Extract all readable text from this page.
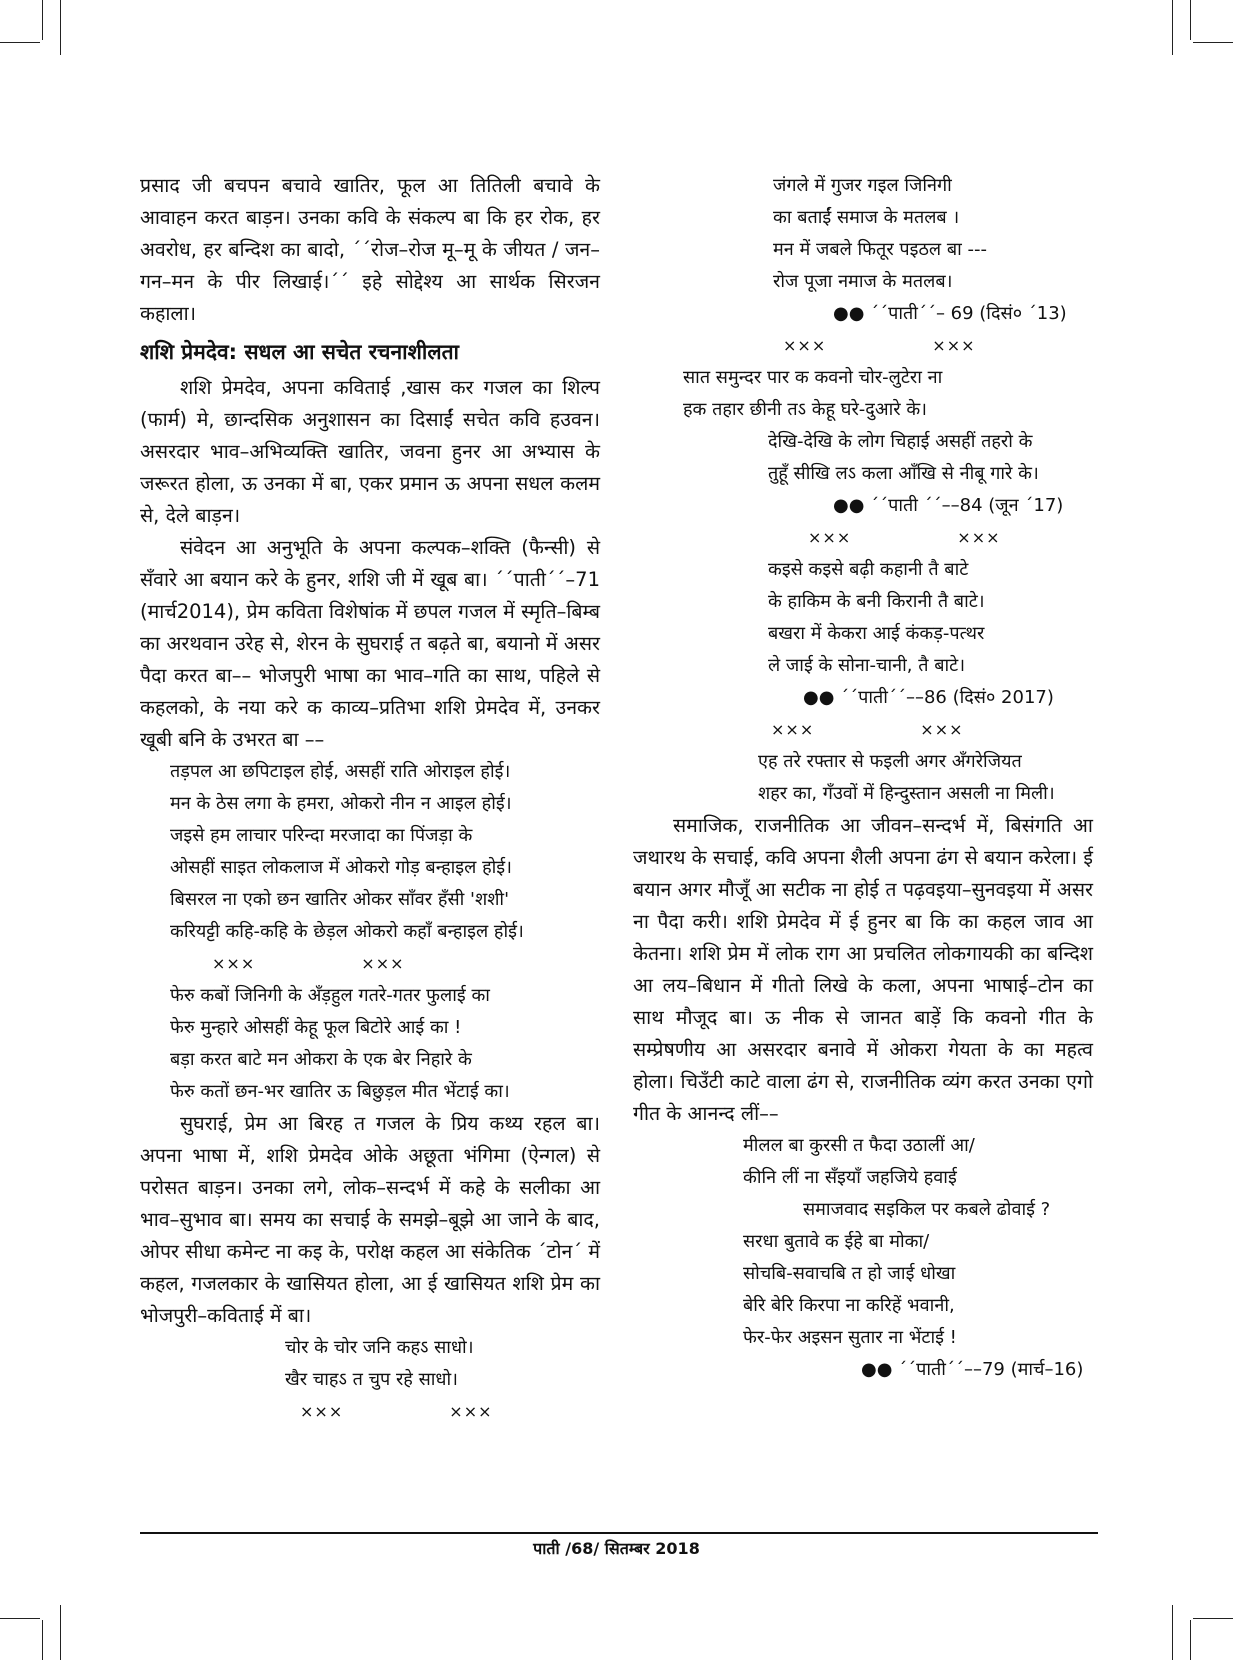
प्रसाद जी बचपन बचावे खातिर, फूल आ तितिली बचावे के आवाहन करत बाड़न। उनका कवि के संकल्प बा कि हर रोक, हर अवरोध, हर बन्दिश का बादो, ´´रोज–रोज मू–मू के जीयत / जन–गन–मन के पीर लिखाई।´´ इहे सोद्देश्य आ सार्थक सिरजन कहाला।

शशि प्रेमदेव: सधल आ सचेत रचनाशीलता

शशि प्रेमदेव, अपना कविताई ,खास कर गजल का शिल्प (फार्म) मे, छान्दसिक अनुशासन का दिसाईं सचेत कवि हउवन। असरदार भाव–अभिव्यक्ति खातिर, जवना हुनर आ अभ्यास के जरूरत होला, ऊ उनका में बा, एकर प्रमान ऊ अपना सधल कलम से, देले बाड़न।

संवेदन आ अनुभूति के अपना कल्पक–शक्ति (फैन्सी) से सँवारे आ बयान करे के हुनर, शशि जी में खूब बा। ´´पाती´´–71 (मार्च2014), प्रेम कविता विशेषांक में छपल गजल में स्मृति–बिम्ब का अरथवान उरेह से, शेरन के सुघराई त बढ़ते बा, बयानो में असर पैदा करत बा–– भोजपुरी भाषा का भाव–गति का साथ, पहिले से कहलको, के नया करे क काव्य–प्रतिभा शशि प्रेमदेव में, उनकर खूबी बनि के उभरत बा ––

तड़पल आ छपिटाइल होई, असहीं राति ओराइल होई।
मन के ठेस लगा के हमरा, ओकरो नीन न आइल होई।
जइसे हम लाचार परिन्दा मरजादा का पिंजड़ा के
ओसहीं साइत लोकलाज में ओकरो गोड़ बन्हाइल होई।
बिसरल ना एको छन खातिर ओकर साँवर हँसी 'शशी'
करियट्टी कहि-कहि के छेड़ल ओकरो कहाँ बन्हाइल होई।
××× ×××
फेरु कबों जिनिगी के अँड़हुल गतरे-गतर फुलाई का
फेरु मुन्हारे ओसहीं केहू फूल बिटोरे आई का !
बड़ा करत बाटे मन ओकरा के एक बेर निहारे के
फेरु कतों छन-भर खातिर ऊ बिछुड़ल मीत भेंटाई का।

सुघराई, प्रेम आ बिरह त गजल के प्रिय कथ्य रहल बा। अपना भाषा में, शशि प्रेमदेव ओके अछूता भंगिमा (ऐन्गल) से परोसत बाड़न। उनका लगे, लोक–सन्दर्भ में कहे के सलीका आ भाव–सुभाव बा। समय का सचाई के समझे–बूझे आ जाने के बाद, ओपर सीधा कमेन्ट ना कइ के, परोक्ष कहल आ संकेतिक ´टोन´ में कहल, गजलकार के खासियत होला, आ ई खासियत शशि प्रेम का भोजपुरी–कविताई में बा।

चोर के चोर जनि कहऽ साधो।
खैर चाहऽ त चुप रहे साधो।
××× ×××
जंगले में गुजर गइल जिनिगी
का बताईं समाज के मतलब ।
मन में जबले फितूर पइठल बा ---
रोज पूजा नमाज के मतलब।
●● ´´पाती´´– 69 (दिसं० ´13)
××× ×××
सात समुन्दर पार क कवनो चोर-लुटेरा ना
हक तहार छीनी तऽ केहू घरे-दुआरे के।
देखि-देखि के लोग चिहाई असहीं तहरो के
तुहूँ सीखि लऽ कला आँखि से नीबू गारे के।
●● ´´पाती ´´––84 (जून ´17)
××× ×××
कइसे कइसे बढ़ी कहानी तै बाटे
के हाकिम के बनी किरानी तै बाटे।
बखरा में केकरा आई कंकड़-पत्थर
ले जाई के सोना-चानी, तै बाटे।
●● ´´पाती´´––86 (दिसं० 2017)
××× ×××
एह तरे रफ्तार से फइली अगर अँगरेजियत
शहर का, गँउवों में हिन्दुस्तान असली ना मिली।

समाजिक, राजनीतिक आ जीवन–सन्दर्भ में, बिसंगति आ जथारथ के सचाई, कवि अपना शैली अपना ढंग से बयान करेला। ई बयान अगर मौजूँ आ सटीक ना होई त पढ़वइया–सुनवइया में असर ना पैदा करी। शशि प्रेमदेव में ई हुनर बा कि का कहल जाव आ केतना। शशि प्रेम में लोक राग आ प्रचलित लोकगायकी का बन्दिश आ लय–बिधान में गीतो लिखे के कला, अपना भाषाई–टोन का साथ मौजूद बा। ऊ नीक से जानत बाड़ें कि कवनो गीत के सम्प्रेषणीय आ असरदार बनावे में ओकरा गेयता के का महत्व होला। चिउँटी काटे वाला ढंग से, राजनीतिक व्यंग करत उनका एगो गीत के आनन्द लीं––

मीलल बा कुरसी त फैदा उठालीं आ/
कीनि लीं ना सँइयाँ जहजिये हवाई
समाजवाद सइकिल पर कबले ढोवाई ?
सरधा बुतावे क ईहे बा मोका/
सोचबि-सवाचबि त हो जाई धोखा
बेरि बेरि किरपा ना करिहें भवानी,
फेर-फेर अइसन सुतार ना भेंटाई !
●● ´´पाती´´––79 (मार्च–16)
पाती /68/ सितम्बर 2018
